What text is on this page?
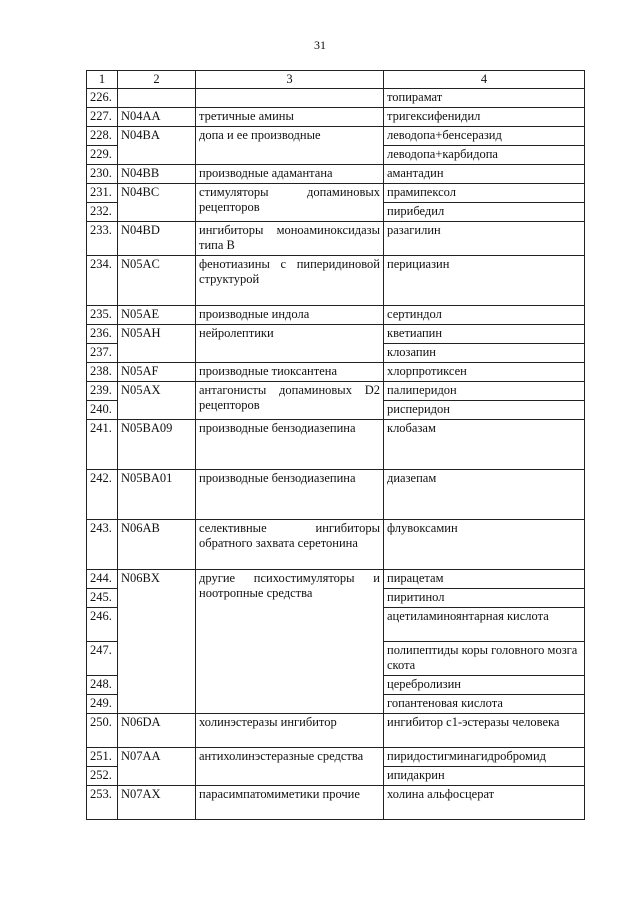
31
1	2	3	4
226.			топирамат
227.	N04AA	третичные амины	тригексифенидил
228.	N04BA	допа и ее производные	леводопа+бенсеразид
229.			леводопа+карбидопа
230.	N04BB	производные адамантана	амантадин
231.	N04BC	стимуляторы допаминовых рецепторов	прамипексол
232.			пирибедил
233.	N04BD	ингибиторы моноаминоксидазы типа В	разагилин
234.	N05AC	фенотиазины с пиперидиновой структурой	перициазин
235.	N05AE	производные индола	сертиндол
236.	N05AH	нейролептики	кветиапин
237.			клозапин
238.	N05AF	производные тиоксантена	хлорпротиксен
239.	N05AX	антагонисты допаминовых D2 рецепторов	палиперидон
240.			рисперидон
241.	N05BA09	производные бензодиазепина	клобазам
242.	N05BA01	производные бензодиазепина	диазепам
243.	N06AB	селективные ингибиторы обратного захвата серетонина	флувоксамин
244.	N06BX	другие психостимуляторы и ноотропные средства	пирацетам
245.			пиритинол
246.			ацетиламиноянтарная кислота
247.			полипептиды коры головного мозга скота
248.			церебролизин
249.			гопантеновая кислота
250.	N06DA	холинэстеразы ингибитор	ингибитор с1-эстеразы человека
251.	N07AA	антихолинэстеразные средства	пиридостигминагидробромид
252.			ипидакрин
253.	N07AX	парасимпатомиметики прочие	холина альфосцерат
